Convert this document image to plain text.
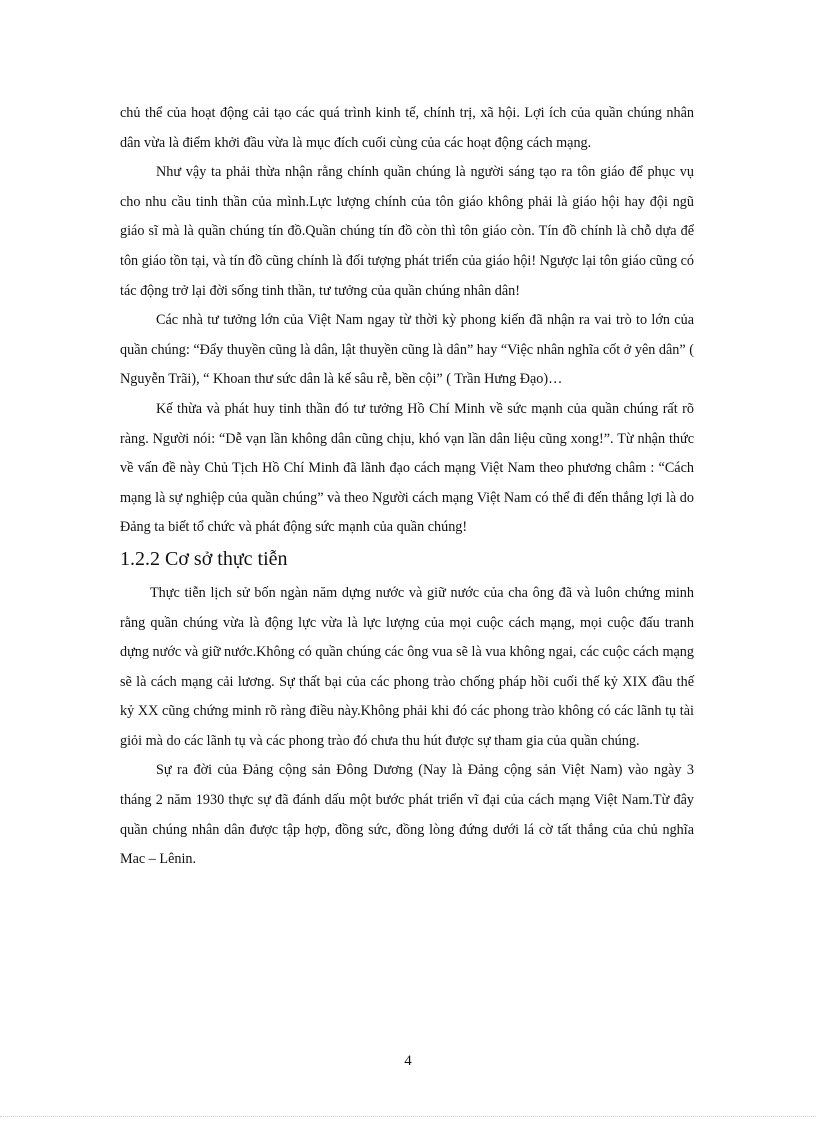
chủ thể của hoạt động cải tạo các quá trình kinh tế, chính trị, xã hội. Lợi ích của quần chúng nhân dân vừa là điểm khởi đầu vừa là mục đích cuối cùng của các hoạt động cách mạng.

Như vậy ta phải thừa nhận rằng chính quần chúng là người sáng tạo ra tôn giáo để phục vụ cho nhu cầu tinh thần của mình.Lực lượng chính của tôn giáo không phải là giáo hội hay đội ngũ giáo sĩ mà là quần chúng tín đồ.Quần chúng tín đồ còn thì tôn giáo còn. Tín đồ chính là chỗ dựa để tôn giáo tồn tại, và tín đồ cũng chính là đối tượng phát triển của giáo hội! Ngược lại tôn giáo cũng có tác động trở lại đời sống tinh thần, tư tưởng của quần chúng nhân dân!

Các nhà tư tưởng lớn của Việt Nam ngay từ thời kỳ phong kiến đã nhận ra vai trò to lớn của quần chúng: “Đẩy thuyền cũng là dân, lật thuyền cũng là dân” hay “Việc nhân nghĩa cốt ở yên dân” ( Nguyễn Trãi), “ Khoan thư sức dân là kế sâu rễ, bền cội” ( Trần Hưng Đạo)…

Kế thừa và phát huy tinh thần đó tư tưởng Hồ Chí Minh về sức mạnh của quần chúng rất rõ ràng. Người nói: “Dễ vạn lần không dân cũng chịu, khó vạn lần dân liệu cũng xong!”. Từ nhận thức về vấn đề này Chủ Tịch Hồ Chí Minh đã lãnh đạo cách mạng Việt Nam theo phương châm : “Cách mạng là sự nghiệp của quần chúng” và theo Người cách mạng Việt Nam có thể đi đến thắng lợi là do Đảng ta biết tổ chức và phát động sức mạnh của quần chúng!

1.2.2 Cơ sở thực tiễn

Thực tiễn lịch sử bốn ngàn năm dựng nước và giữ nước của cha ông đã và luôn chứng minh rằng quần chúng vừa là động lực vừa là lực lượng của mọi cuộc cách mạng, mọi cuộc đấu tranh dựng nước và giữ nước.Không có quần chúng các ông vua sẽ là vua không ngai, các cuộc cách mạng sẽ là cách mạng cải lương. Sự thất bại của các phong trào chống pháp hồi cuối thế kỷ XIX đầu thế kỷ XX cũng chứng minh rõ ràng điều này.Không phải khi đó các phong trào không có các lãnh tụ tài giỏi mà do các lãnh tụ và các phong trào đó chưa thu hút được sự tham gia của quần chúng.

Sự ra đời của Đảng cộng sản Đông Dương (Nay là Đảng cộng sản Việt Nam) vào ngày 3 tháng 2 năm 1930 thực sự đã đánh dấu một bước phát triển vĩ đại của cách mạng Việt Nam.Từ đây quần chúng nhân dân được tập hợp, đồng sức, đồng lòng đứng dưới lá cờ tất thắng của chủ nghĩa Mac – Lênin.

4
